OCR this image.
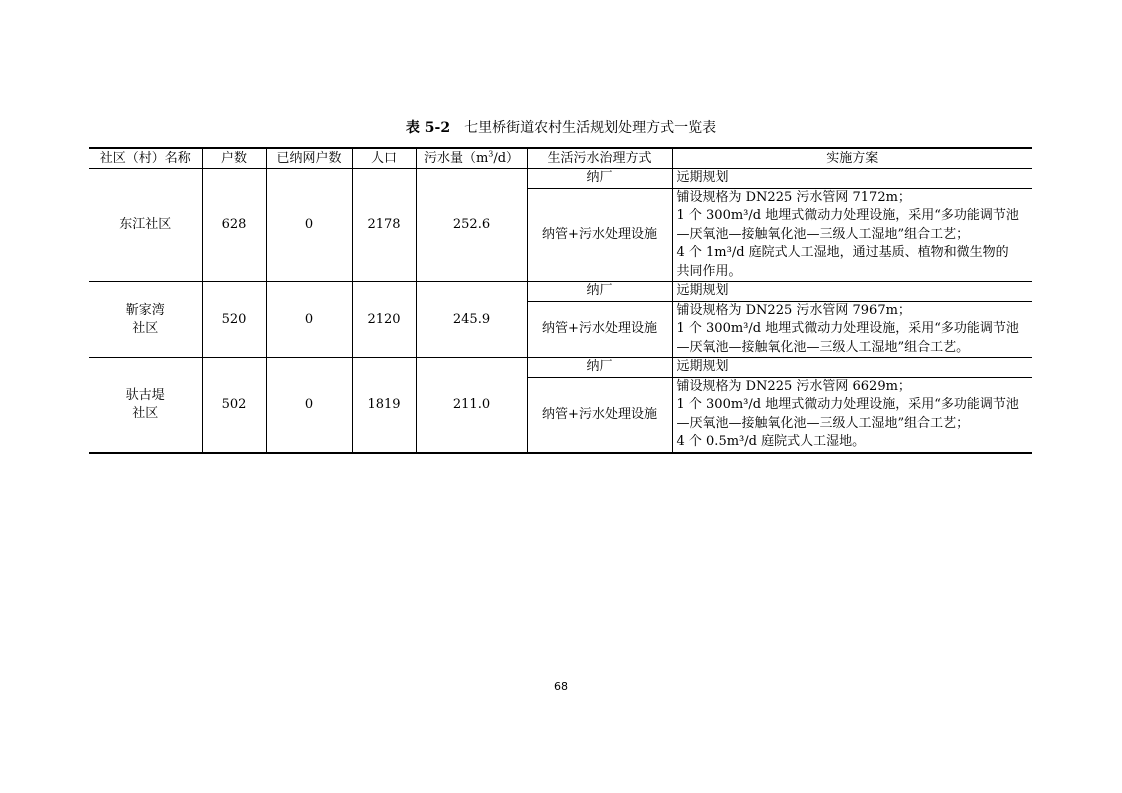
表 5-2 七里桥街道农村生活规划处理方式一览表
社区（村）名称	户数	已纳网户数	人口	污水量$(m^3/d)$	生活污水治理方式	实施方案
东江社区	628	0	2178	252.6	纳厂	远期规划

					纳管+污水处理设施	铺设规格为 DN225 污水管网 7172m；
1 个 300m³/d 地埋式微动力处理设施，采用“多功能调节池
—厌氧池—接触氧化池—三级人工湿地”组合工艺；
4 个 1m³/d 庭院式人工湿地，通过基质、植物和微生物的
共同作用。

靳家湾
社区	520	0	2120	245.9	纳厂	远期规划

					纳管+污水处理设施	铺设规格为 DN225 污水管网 7967m；
1 个 300m³/d 地埋式微动力处理设施，采用“多功能调节池
—厌氧池—接触氧化池—三级人工湿地”组合工艺。

驮古堤
社区	502	0	1819	211.0	纳厂	远期规划

					纳管+污水处理设施	铺设规格为 DN225 污水管网 6629m；
1 个 300m³/d 地埋式微动力处理设施，采用“多功能调节池
—厌氧池—接触氧化池—三级人工湿地”组合工艺；
4 个 0.5m³/d 庭院式人工湿地。
68
